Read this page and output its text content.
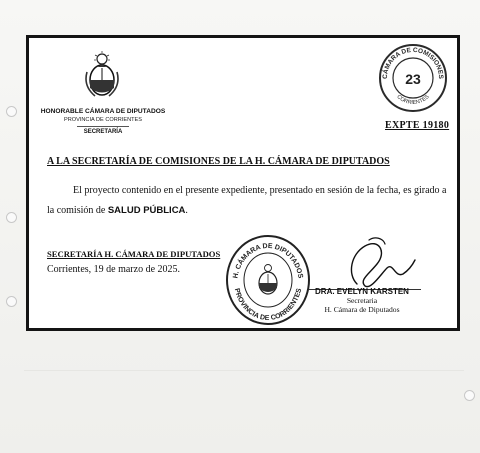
HONORABLE CÁMARA DE DIPUTADOS
PROVINCIA DE CORRIENTES
SECRETARÍA
CÁMARA DE COMISIONES
CORRIENTES
23
EXPTE 19180
A LA SECRETARÍA DE COMISIONES DE LA H. CÁMARA DE DIPUTADOS
El proyecto contenido en el presente expediente, presentado en sesión de la fecha, es girado a la comisión de SALUD PÚBLICA.
SECRETARÍA H. CÁMARA DE DIPUTADOS
Corrientes, 19 de marzo de 2025.
H. CÁMARA DE DIPUTADOS
PROVINCIA DE CORRIENTES	DRA. EVELYN KARSTEN
Secretaria
H. Cámara de Diputados
